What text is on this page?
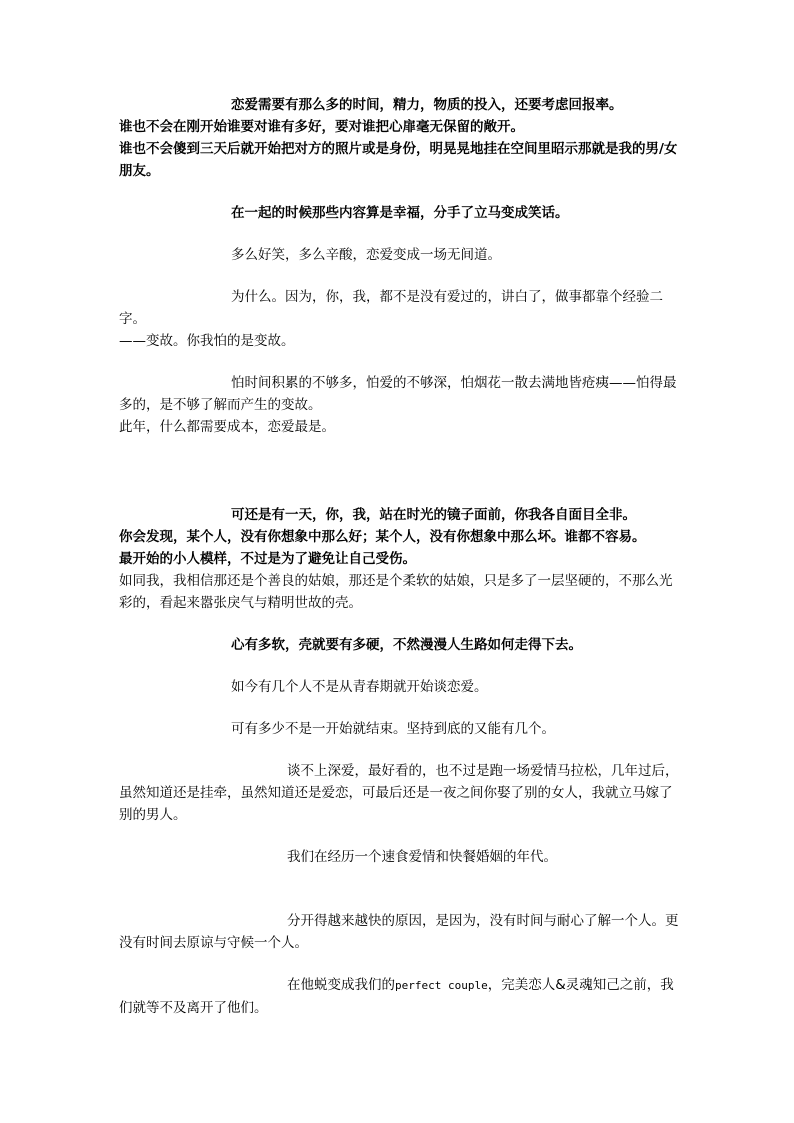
恋爱需要有那么多的时间，精力，物质的投入，还要考虑回报率。

谁也不会在刚开始谁要对谁有多好，要对谁把心扉毫无保留的敞开。

谁也不会傻到三天后就开始把对方的照片或是身份，明晃晃地挂在空间里昭示那就是我的男/女朋友。

在一起的时候那些内容算是幸福，分手了立马变成笑话。

多么好笑，多么辛酸，恋爱变成一场无间道。

为什么。因为，你，我，都不是没有爱过的，讲白了，做事都靠个经验二字。

——变故。你我怕的是变故。

怕时间积累的不够多，怕爱的不够深，怕烟花一散去满地皆疮痍——怕得最多的，是不够了解而产生的变故。

此年，什么都需要成本，恋爱最是。

可还是有一天，你，我，站在时光的镜子面前，你我各自面目全非。

你会发现，某个人，没有你想象中那么好；某个人，没有你想象中那么坏。谁都不容易。

最开始的小人模样，不过是为了避免让自己受伤。

如同我，我相信那还是个善良的姑娘，那还是个柔软的姑娘，只是多了一层坚硬的，不那么光彩的，看起来嚣张戾气与精明世故的壳。

心有多软，壳就要有多硬，不然漫漫人生路如何走得下去。

如今有几个人不是从青春期就开始谈恋爱。

可有多少不是一开始就结束。坚持到底的又能有几个。

谈不上深爱，最好看的，也不过是跑一场爱情马拉松，几年过后，虽然知道还是挂牵，虽然知道还是爱恋，可最后还是一夜之间你娶了别的女人，我就立马嫁了别的男人。

我们在经历一个速食爱情和快餐婚姻的年代。

分开得越来越快的原因，是因为，没有时间与耐心了解一个人。更没有时间去原谅与守候一个人。

在他蜕变成我们的perfect couple，完美恋人&灵魂知己之前，我们就等不及离开了他们。
